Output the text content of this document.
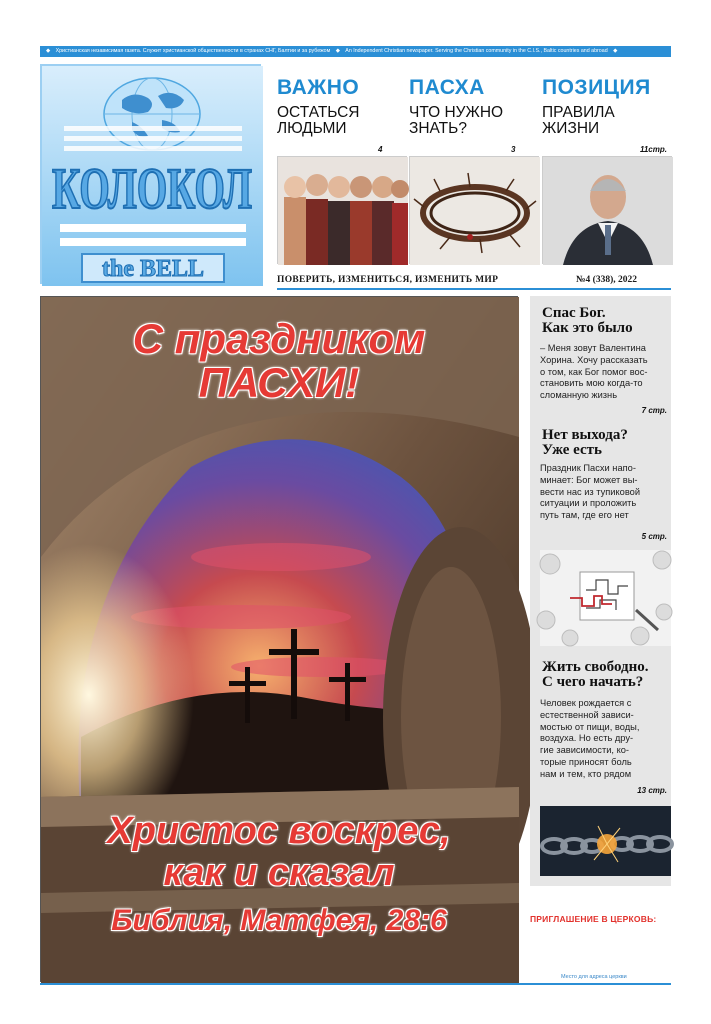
◆ Христианская независимая газета. Служит христианской общественности в странах СНГ, Балтии и за рубежом ◆ An Independent Christian newspaper. Serving the Christian community in the C.I.S., Baltic countries and abroad ◆
КОЛОКОЛ
the BELL
ВАЖНО
ОСТАТЬСЯ
ЛЮДЬМИ
ПАСХА
ЧТО НУЖНО
ЗНАТЬ?
ПОЗИЦИЯ
ПРАВИЛА
ЖИЗНИ
4	3	11стр.
ПОВЕРИТЬ, ИЗМЕНИТЬСЯ, ИЗМЕНИТЬ МИР	№4 (338), 2022
С праздником
ПАСХИ!
Христос воскрес,
как и сказал
Библия, Матфея, 28:6
Спас Бог.
Как это было
– Меня зовут Валентина
Хорина. Хочу рассказать
о том, как Бог помог вос-
становить мою когда-то
сломанную жизнь
7 стр.
Нет выхода?
Уже есть
Праздник Пасхи напо-
минает: Бог может вы-
вести нас из тупиковой
ситуации и проложить
путь там, где его нет
5 стр.
Жить свободно.
С чего начать?
Человек рождается с
естественной зависи-
мостью от пищи, воды,
воздуха. Но есть дру-
гие зависимости, ко-
торые приносят боль
нам и тем, кто рядом
13 стр.
ПРИГЛАШЕНИЕ В ЦЕРКОВЬ:
Место для адреса церкви
